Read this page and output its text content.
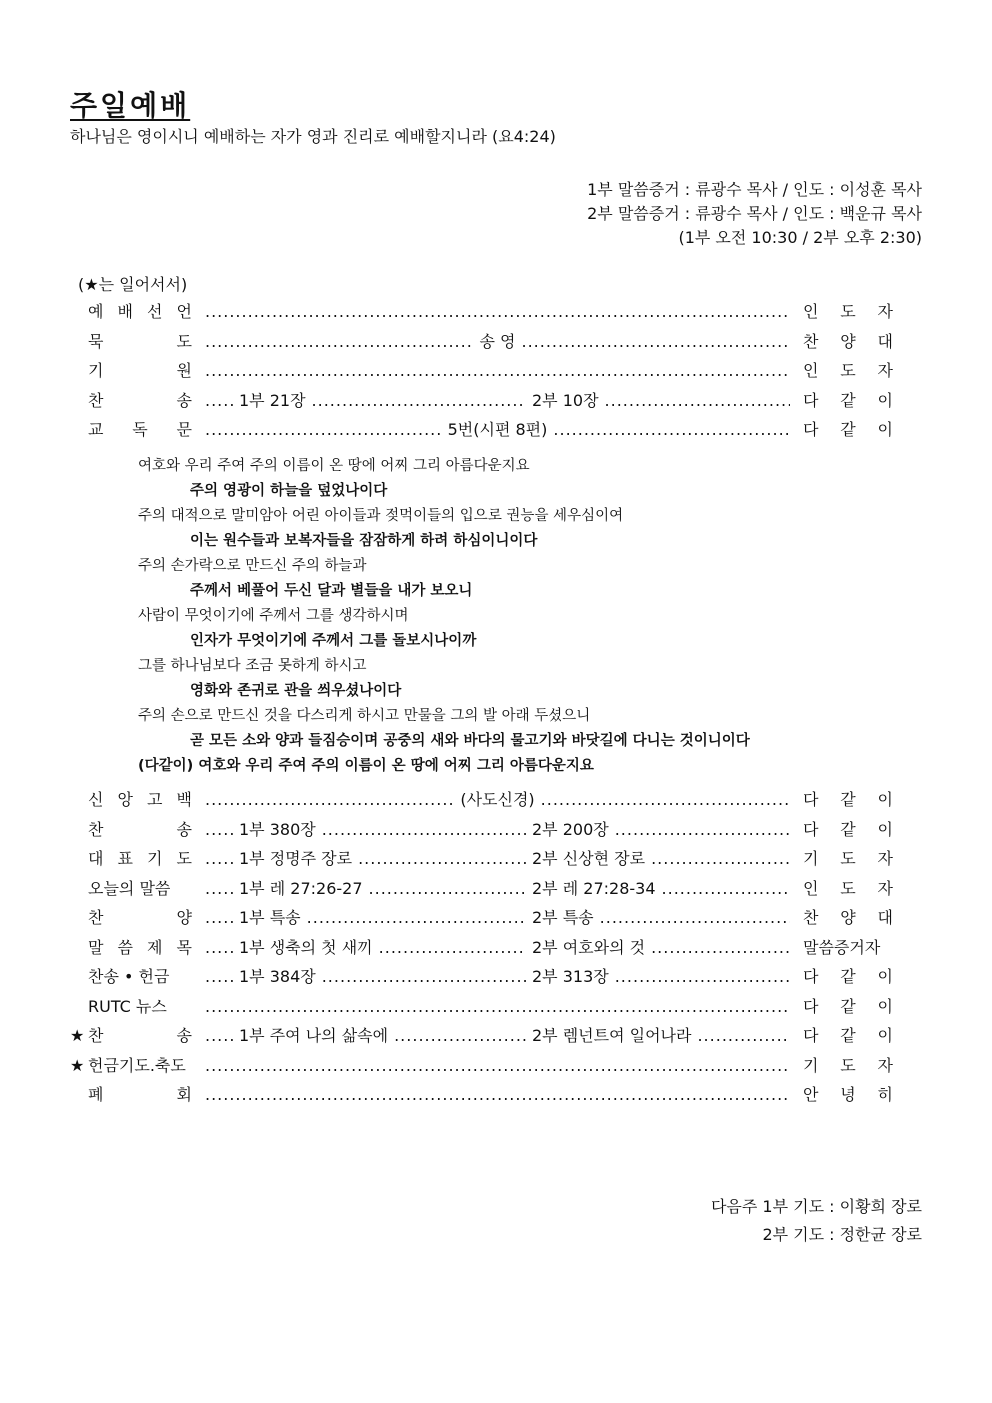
주일예배
하나님은 영이시니 예배하는 자가 영과 진리로 예배할지니라 (요4:24)
1부 말씀증거 : 류광수 목사 / 인도 : 이성훈 목사
2부 말씀증거 : 류광수 목사 / 인도 : 백운규 목사
(1부 오전 10:30 / 2부 오후 2:30)
(★는 일어서서)
예 배 선 언 .....	인 도 자
묵	도 .....	송 영 .....	찬 양 대
기	원 .....	인 도 자
찬	송 .....	1부 21장 .....	2부 10장 .....	다 같 이
교 독 문 .....	5번(시편 8편) .....	다 같 이
여호와 우리 주여 주의 이름이 온 땅에 어찌 그리 아름다운지요
주의 영광이 하늘을 덮었나이다
주의 대적으로 말미암아 어린 아이들과 젖먹이들의 입으로 권능을 세우심이여
이는 원수들과 보복자들을 잠잠하게 하려 하심이니이다
주의 손가락으로 만드신 주의 하늘과
주께서 베풀어 두신 달과 별들을 내가 보오니
사람이 무엇이기에 주께서 그를 생각하시며
인자가 무엇이기에 주께서 그를 돌보시나이까
그를 하나님보다 조금 못하게 하시고
영화와 존귀로 관을 씌우셨나이다
주의 손으로 만드신 것을 다스리게 하시고 만물을 그의 발 아래 두셨으니
곧 모든 소와 양과 들짐승이며 공중의 새와 바다의 물고기와 바닷길에 다니는 것이니이다
(다같이) 여호와 우리 주여 주의 이름이 온 땅에 어찌 그리 아름다운지요
신 앙 고 백 .....	(사도신경) .....	다 같 이
찬	송 .....	1부 380장 .....	2부 200장 .....	다 같 이
대 표 기 도 .....	1부 정명주 장로 .....	2부 신상현 장로 .....	기 도 자
오늘의 말씀 .....	1부 레 27:26-27 .....	2부 레 27:28-34 .....	인 도 자
찬	양 .....	1부 특송 .....	2부 특송 .....	찬 양 대
말 씀 제 목 .....	1부 생축의 첫 새끼 .....	2부 여호와의 것 .....	말씀증거자
찬송 • 헌금 .....	1부 384장 .....	2부 313장 .....	다 같 이
RUTC 뉴스 .....	다 같 이
★ 찬	송 .....	1부 주여 나의 삶속에 .....	2부 렘넌트여 일어나라 .....	다 같 이
★ 헌금기도.축도 .....	기 도 자
폐	회 .....	안 녕 히
다음주 1부 기도 : 이황희 장로
2부 기도 : 정한균 장로
